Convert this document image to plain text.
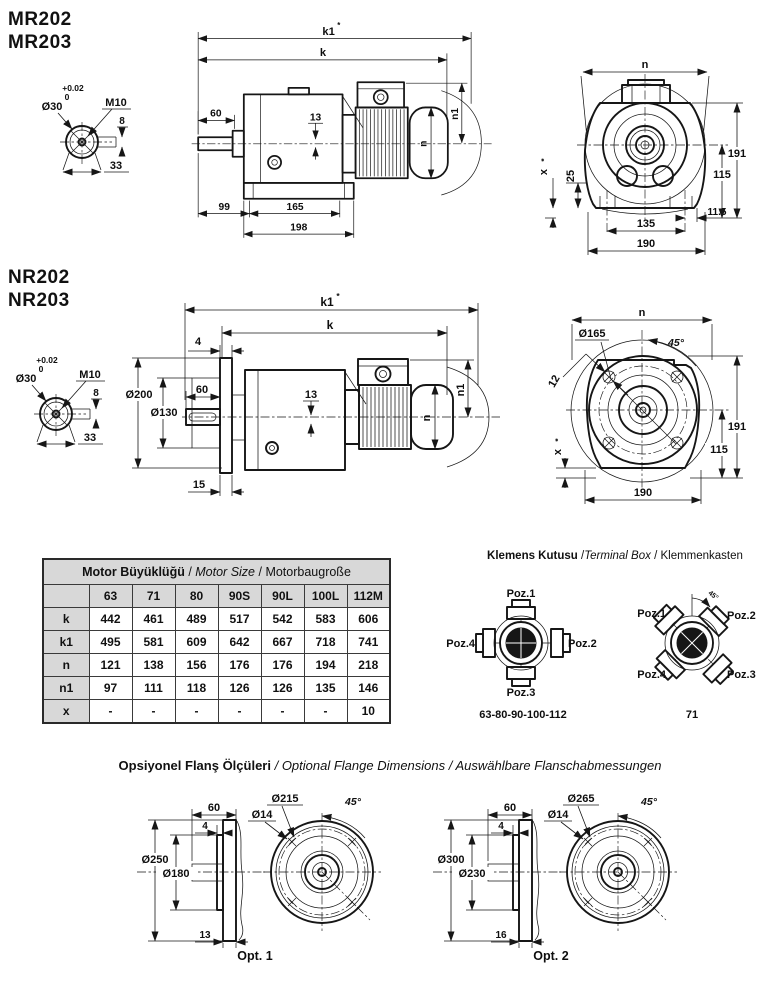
MR202
MR203
+0.02
0
Ø30	M10
8
33
k1
*
k
60	13	n1
n
99	165
198
n
25
x
*
11.5
135
190
191
115
NR202
NR203
+0.02
0
Ø30	M10
8
33
k1 *
k
Ø200
Ø130
4
60	13	n1
n
15
n
Ø165
45°
12
x
*
191
115
190
Motor Büyüklüğü / Motor Size / Motorbaugroße							
	63	71	80	90S	90L	100L	112M
k	442	461	489	517	542	583	606
k1	495	581	609	642	667	718	741
n	121	138	156	176	176	194	218
n1	97	111	118	126	126	135	146
x	-	-	-	-	-	-	10
Klemens Kutusu /Terminal Box / Klemmenkasten
Poz.1
Poz.2
Poz.3
Poz.4
63-80-90-100-112
45°
Poz.1	Poz.2
Poz.3
Poz.4
71
Opsiyonel Flanş Ölçüleri / Optional Flange Dimensions / Auswählbare Flanschabmessungen
60
4
Ø250
Ø180
13
Ø215
Ø14
45°
Opt. 1
60
4
Ø300
Ø230
16
Ø265
Ø14
45°
Opt. 2
